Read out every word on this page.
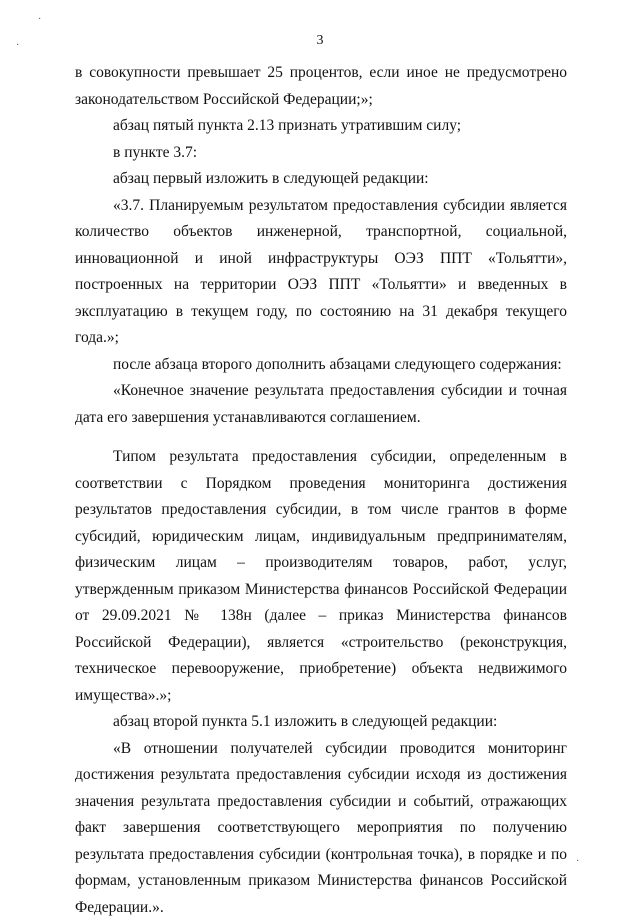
3

в совокупности превышает 25 процентов, если иное не предусмотрено законодательством Российской Федерации;»;

абзац пятый пункта 2.13 признать утратившим силу;

в пункте 3.7:

абзац первый изложить в следующей редакции:

«3.7. Планируемым результатом предоставления субсидии является количество объектов инженерной, транспортной, социальной, инновационной и иной инфраструктуры ОЭЗ ППТ «Тольятти», построенных на территории ОЭЗ ППТ «Тольятти» и введенных в эксплуатацию в текущем году, по состоянию на 31 декабря текущего года.»;

после абзаца второго дополнить абзацами следующего содержания:

«Конечное значение результата предоставления субсидии и точная дата его завершения устанавливаются соглашением.

Типом результата предоставления субсидии, определенным в соответствии с Порядком проведения мониторинга достижения результатов предоставления субсидии, в том числе грантов в форме субсидий, юридическим лицам, индивидуальным предпринимателям, физическим лицам – производителям товаров, работ, услуг, утвержденным приказом Министерства финансов Российской Федерации от 29.09.2021 № 138н (далее – приказ Министерства финансов Российской Федерации), является «строительство (реконструкция, техническое перевооружение, приобретение) объекта недвижимого имущества».»;

абзац второй пункта 5.1 изложить в следующей редакции:

«В отношении получателей субсидии проводится мониторинг достижения результата предоставления субсидии исходя из достижения значения результата предоставления субсидии и событий, отражающих факт завершения соответствующего мероприятия по получению результата предоставления субсидии (контрольная точка), в порядке и по формам, установленным приказом Министерства финансов Российской Федерации.».

·
·
·
